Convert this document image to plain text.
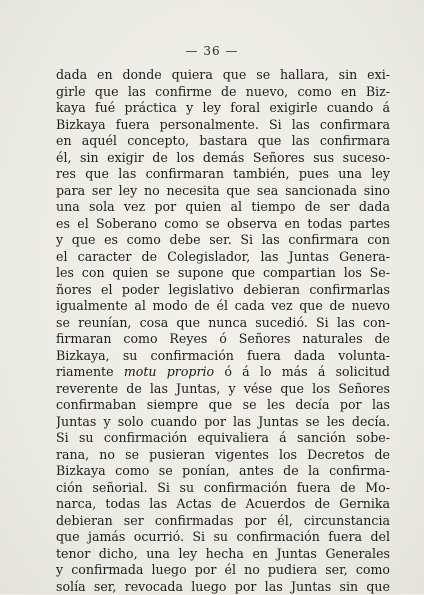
— 36 —
dada en donde quiera que se hallara, sin exi-
girle que las confirme de nuevo, como en Biz-
kaya fué práctica y ley foral exigirle cuando á
Bizkaya fuera personalmente. Si las confirmara
en aquél concepto, bastara que las confirmara
él, sin exigir de los demás Señores sus suceso-
res que las confirmaran también, pues una ley
para ser ley no necesita que sea sancionada sino
una sola vez por quien al tiempo de ser dada
es el Soberano como se observa en todas partes
y que es como debe ser. Si las confirmara con
el caracter de Colegislador, las Juntas Genera-
les con quien se supone que compartian los Se-
ñores el poder legislativo debieran confirmarlas
igualmente al modo de él cada vez que de nuevo
se reunían, cosa que nunca sucedió. Si las con-
firmaran como Reyes ó Señores naturales de
Bizkaya, su confirmación fuera dada volunta-
riamente motu proprio ó á lo más á solicitud
reverente de las Juntas, y vése que los Señores
confirmaban siempre que se les decía por las
Juntas y solo cuando por las Juntas se les decía.
Si su confirmación equivaliera á sanción sobe-
rana, no se pusieran vigentes los Decretos de
Bizkaya como se ponían, antes de la confirma-
ción señorial. Si su confirmación fuera de Mo-
narca, todas las Actas de Acuerdos de Gernika
debieran ser confirmadas por él, circunstancia
que jamás ocurrió. Si su confirmación fuera del
tenor dicho, una ley hecha en Juntas Generales
y confirmada luego por él no pudiera ser, como
solía ser, revocada luego por las Juntas sin que
